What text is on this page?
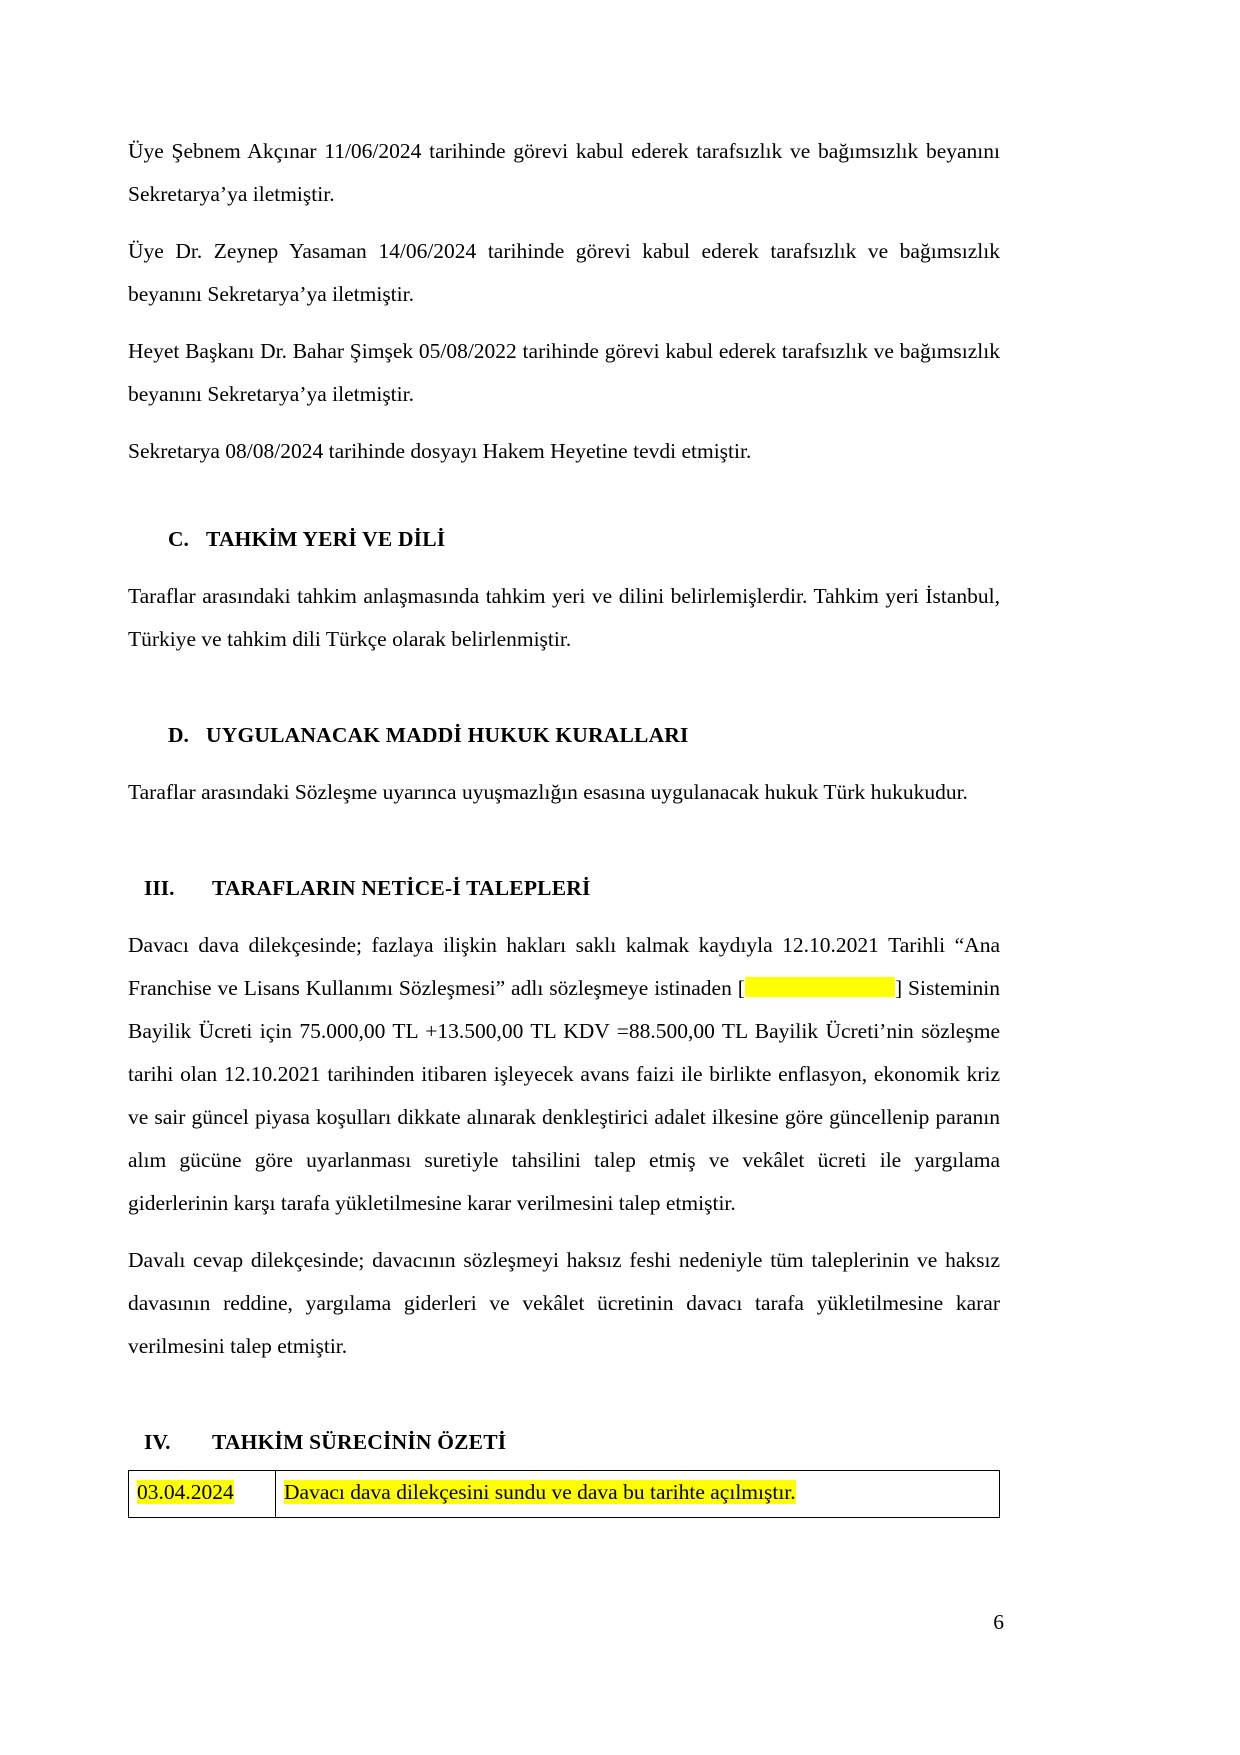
Üye Şebnem Akçınar 11/06/2024 tarihinde görevi kabul ederek tarafsızlık ve bağımsızlık beyanını Sekretarya’ya iletmiştir.

Üye Dr. Zeynep Yasaman 14/06/2024 tarihinde görevi kabul ederek tarafsızlık ve bağımsızlık beyanını Sekretarya’ya iletmiştir.

Heyet Başkanı Dr. Bahar Şimşek 05/08/2022 tarihinde görevi kabul ederek tarafsızlık ve bağımsızlık beyanını Sekretarya’ya iletmiştir.

Sekretarya 08/08/2024 tarihinde dosyayı Hakem Heyetine tevdi etmiştir.

C. TAHKİM YERİ VE DİLİ

Taraflar arasındaki tahkim anlaşmasında tahkim yeri ve dilini belirlemişlerdir. Tahkim yeri İstanbul, Türkiye ve tahkim dili Türkçe olarak belirlenmiştir.

D. UYGULANACAK MADDİ HUKUK KURALLARI

Taraflar arasındaki Sözleşme uyarınca uyuşmazlığın esasına uygulanacak hukuk Türk hukukudur.

III.	TARAFLARIN NETİCE-İ TALEPLERİ

Davacı dava dilekçesinde; fazlaya ilişkin hakları saklı kalmak kaydıyla 12.10.2021 Tarihli “Ana Franchise ve Lisans Kullanımı Sözleşmesi” adlı sözleşmeye istinaden [	] Sisteminin Bayilik Ücreti için 75.000,00 TL +13.500,00 TL KDV =88.500,00 TL Bayilik Ücreti’nin sözleşme tarihi olan 12.10.2021 tarihinden itibaren işleyecek avans faizi ile birlikte enflasyon, ekonomik kriz ve sair güncel piyasa koşulları dikkate alınarak denkleştirici adalet ilkesine göre güncellenip paranın alım gücüne göre uyarlanması suretiyle tahsilini talep etmiş ve vekâlet ücreti ile yargılama giderlerinin karşı tarafa yükletilmesine karar verilmesini talep etmiştir.

Davalı cevap dilekçesinde; davacının sözleşmeyi haksız feshi nedeniyle tüm taleplerinin ve haksız davasının reddine, yargılama giderleri ve vekâlet ücretinin davacı tarafa yükletilmesine karar verilmesini talep etmiştir.

IV.	TAHKİM SÜRECİNİN ÖZETİ
03.04.2024	Davacı dava dilekçesini sundu ve dava bu tarihte açılmıştır.
6
